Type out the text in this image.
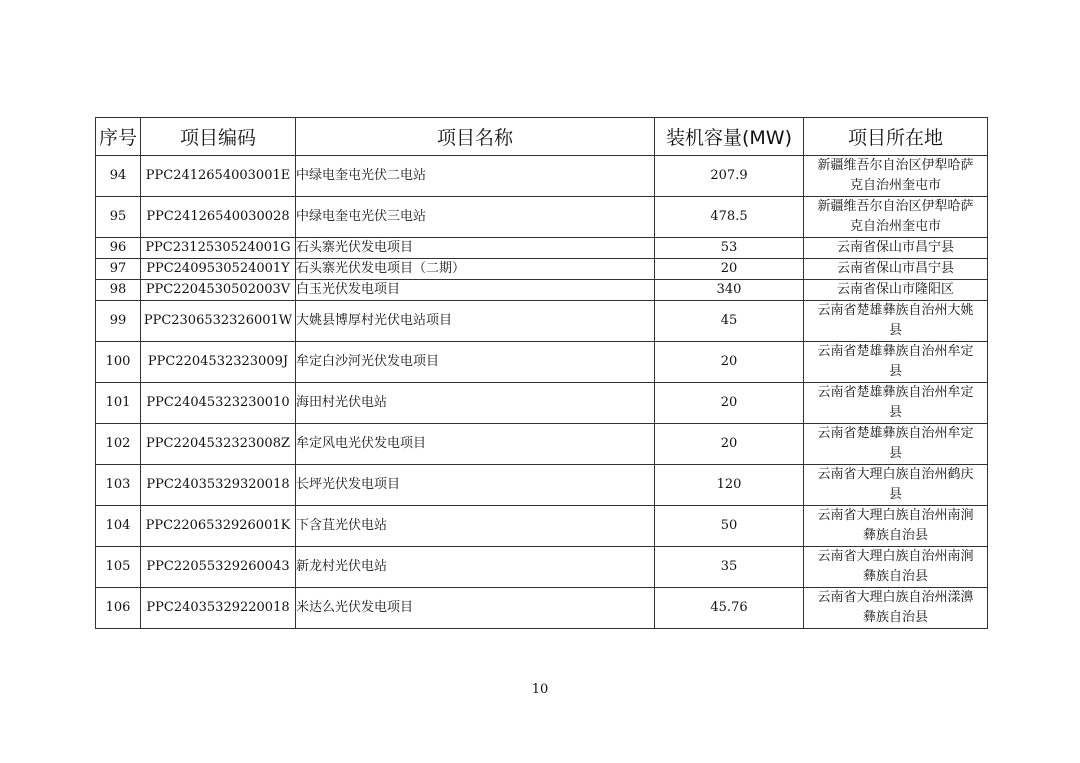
序号	项目编码	项目名称	装机容量(MW)	项目所在地
94	PPC2412654003001E	中绿电奎屯光伏二电站	207.9	新疆维吾尔自治区伊犁哈萨
克自治州奎屯市
95	PPC24126540030028	中绿电奎屯光伏三电站	478.5	新疆维吾尔自治区伊犁哈萨
克自治州奎屯市
96	PPC2312530524001G	石头寨光伏发电项目	53	云南省保山市昌宁县
97	PPC2409530524001Y	石头寨光伏发电项目（二期）	20	云南省保山市昌宁县
98	PPC2204530502003V	白玉光伏发电项目	340	云南省保山市隆阳区
99	PPC2306532326001W	大姚县博厚村光伏电站项目	45	云南省楚雄彝族自治州大姚
县
100	PPC2204532323009J	牟定白沙河光伏发电项目	20	云南省楚雄彝族自治州牟定
县
101	PPC24045323230010	海田村光伏电站	20	云南省楚雄彝族自治州牟定
县
102	PPC2204532323008Z	牟定风电光伏发电项目	20	云南省楚雄彝族自治州牟定
县
103	PPC24035329320018	长坪光伏发电项目	120	云南省大理白族自治州鹤庆
县
104	PPC2206532926001K	下含苴光伏电站	50	云南省大理白族自治州南涧
彝族自治县
105	PPC22055329260043	新龙村光伏电站	35	云南省大理白族自治州南涧
彝族自治县
106	PPC24035329220018	米达么光伏发电项目	45.76	云南省大理白族自治州漾濞
彝族自治县
10
